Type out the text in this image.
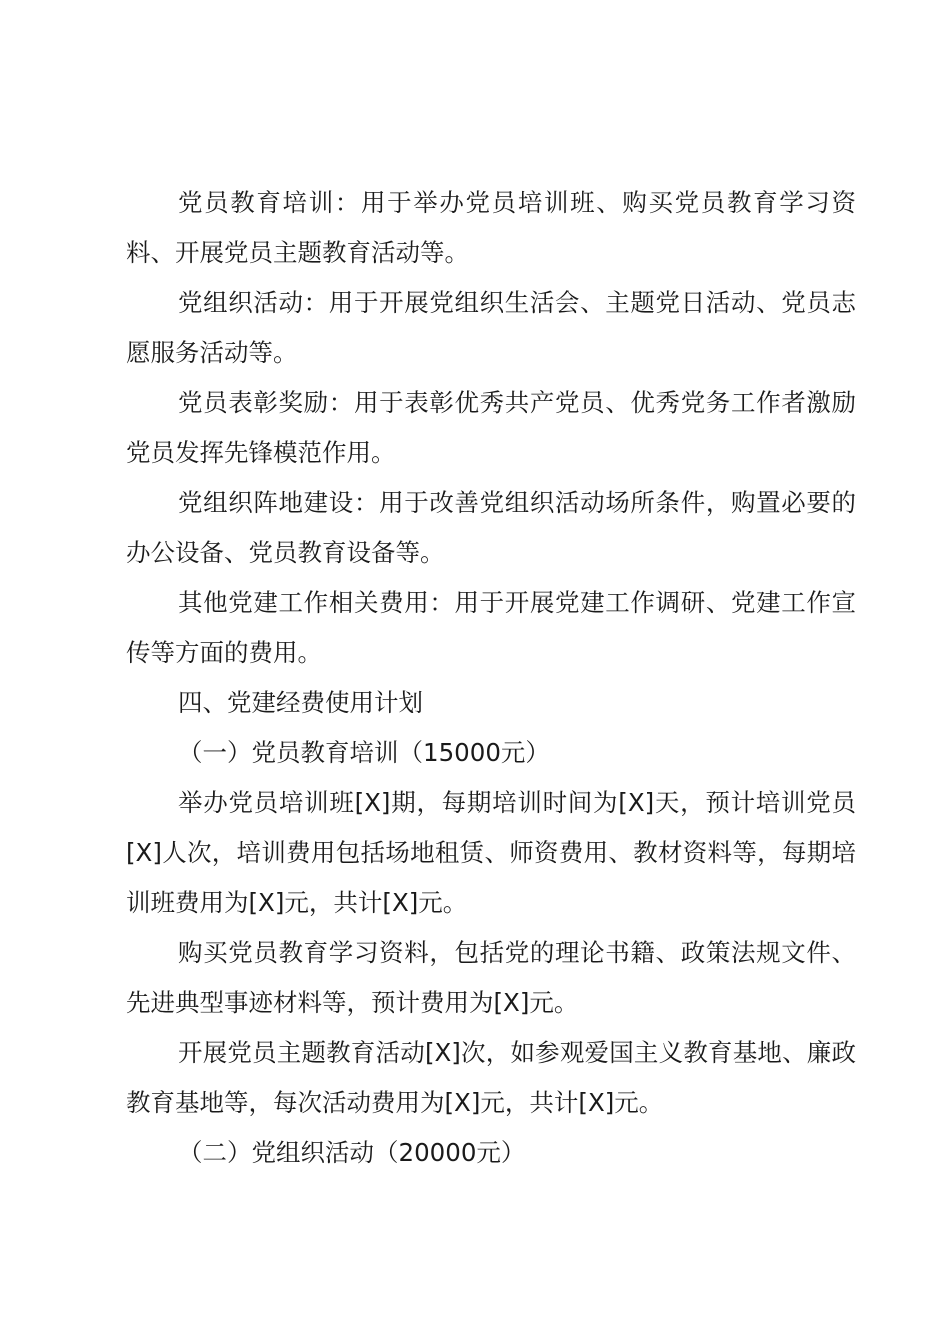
党员教育培训：用于举办党员培训班、购买党员教育学习资料、开展党员主题教育活动等。

党组织活动：用于开展党组织生活会、主题党日活动、党员志愿服务活动等。

党员表彰奖励：用于表彰优秀共产党员、优秀党务工作者激励党员发挥先锋模范作用。

党组织阵地建设：用于改善党组织活动场所条件，购置必要的办公设备、党员教育设备等。

其他党建工作相关费用：用于开展党建工作调研、党建工作宣传等方面的费用。

四、党建经费使用计划

（一）党员教育培训（15000元）

举办党员培训班[X]期，每期培训时间为[X]天，预计培训党员[X]人次，培训费用包括场地租赁、师资费用、教材资料等，每期培训班费用为[X]元，共计[X]元。

购买党员教育学习资料，包括党的理论书籍、政策法规文件、先进典型事迹材料等，预计费用为[X]元。

开展党员主题教育活动[X]次，如参观爱国主义教育基地、廉政教育基地等，每次活动费用为[X]元，共计[X]元。

（二）党组织活动（20000元）
